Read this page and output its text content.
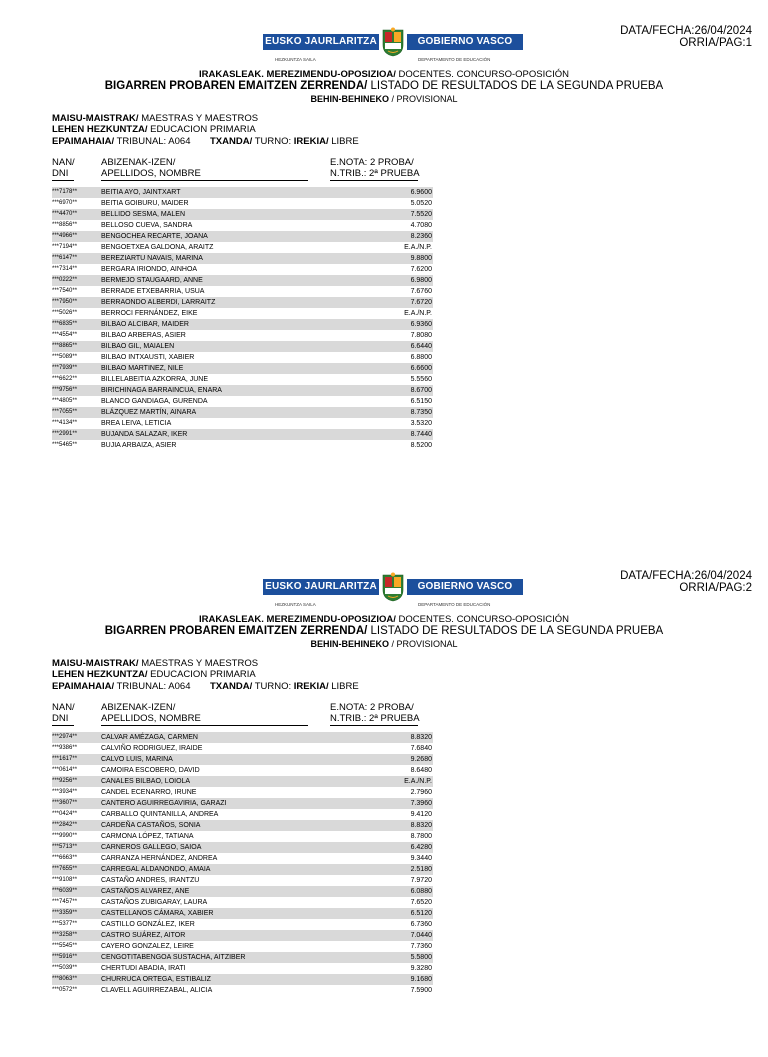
DATA/FECHA:26/04/2024
ORRIA/PAG:1
EUSKO JAURLARITZA	GOBIERNO VASCO
HEZKUNTZA SAILA	DEPARTAMENTO DE EDUCACIÓN
IRAKASLEAK. MEREZIMENDU-OPOSIZIOA/ DOCENTES. CONCURSO-OPOSICIÓN
BIGARREN PROBAREN EMAITZEN ZERRENDA/ LISTADO DE RESULTADOS DE LA SEGUNDA PRUEBA
BEHIN-BEHINEKO / PROVISIONAL
MAISU-MAISTRAK/ MAESTRAS Y MAESTROS
LEHEN HEZKUNTZA/ EDUCACION PRIMARIA
EPAIMAHAIA/ TRIBUNAL: A064 TXANDA/ TURNO: IREKIA/ LIBRE
NAN/
DNI
ABIZENAK-IZEN/
APELLIDOS, NOMBRE
E.NOTA: 2 PROBA/
N.TRIB.: 2ª PRUEBA
***7178**	BEITIA AYO, JAINTXART	6.9600
***6970**	BEITIA GOIBURU, MAIDER	5.0520
***4470**	BELLIDO SESMA, MALEN	7.5520
***8856**	BELLOSO CUEVA, SANDRA	4.7080
***4966**	BENGOCHEA RECARTE, JOANA	8.2360
***7194**	BENGOETXEA GALDONA, ARAITZ	E.A./N.P.
***6147**	BEREZIARTU NAVAIS, MARINA	9.8800
***7314**	BERGARA IRIONDO, AINHOA	7.6200
***0222**	BERMEJO STAUGAARD, ANNE	6.9800
***7540**	BERRADE ETXEBARRIA, USUA	7.6760
***7950**	BERRAONDO ALBERDI, LARRAITZ	7.6720
***5026**	BERROCI FERNÁNDEZ, EIKE	E.A./N.P.
***6835**	BILBAO ALCIBAR, MAIDER	6.9360
***4554**	BILBAO ARBERAS, ASIER	7.8080
***8865**	BILBAO GIL, MAIALEN	6.6440
***5089**	BILBAO INTXAUSTI, XABIER	6.8800
***7939**	BILBAO MARTINEZ, NILE	6.6600
***6622**	BILLELABEITIA AZKORRA, JUNE	5.5560
***9756**	BIRICHINAGA BARRAINCUA, ENARA	8.6700
***4805**	BLANCO GANDIAGA, GURENDA	6.5150
***7055**	BLÁZQUEZ MARTÍN, AINARA	8.7350
***4134**	BREA LEIVA, LETICIA	3.5320
***2991**	BUJANDA SALAZAR, IKER	8.7440
***5465**	BUJIA ARBAIZA, ASIER	8.5200
DATA/FECHA:26/04/2024
ORRIA/PAG:2
EUSKO JAURLARITZA	GOBIERNO VASCO
HEZKUNTZA SAILA	DEPARTAMENTO DE EDUCACIÓN
IRAKASLEAK. MEREZIMENDU-OPOSIZIOA/ DOCENTES. CONCURSO-OPOSICIÓN
BIGARREN PROBAREN EMAITZEN ZERRENDA/ LISTADO DE RESULTADOS DE LA SEGUNDA PRUEBA
BEHIN-BEHINEKO / PROVISIONAL
MAISU-MAISTRAK/ MAESTRAS Y MAESTROS
LEHEN HEZKUNTZA/ EDUCACION PRIMARIA
EPAIMAHAIA/ TRIBUNAL: A064 TXANDA/ TURNO: IREKIA/ LIBRE
NAN/
DNI
ABIZENAK-IZEN/
APELLIDOS, NOMBRE
E.NOTA: 2 PROBA/
N.TRIB.: 2ª PRUEBA
***2974**	CALVAR AMÉZAGA, CARMEN	8.8320
***9386**	CALVIÑO RODRIGUEZ, IRAIDE	7.6840
***1617**	CALVO LUIS, MARINA	9.2680
***0614**	CAMOIRA ESCOBERO, DAVID	8.6480
***9256**	CANALES BILBAO, LOIOLA	E.A./N.P.
***3934**	CANDEL ECENARRO, IRUNE	2.7960
***3607**	CANTERO AGUIRREGAVIRIA, GARAZI	7.3960
***0424**	CARBALLO QUINTANILLA, ANDREA	9.4120
***2842**	CARDEÑA CASTAÑOS, SONIA	8.8320
***9990**	CARMONA LÓPEZ, TATIANA	8.7800
***5713**	CARNEROS GALLEGO, SAIOA	6.4280
***6663**	CARRANZA HERNÁNDEZ, ANDREA	9.3440
***7655**	CARREGAL ALDANONDO, AMAIA	2.5180
***9108**	CASTAÑO ANDRES, IRANTZU	7.9720
***6039**	CASTAÑOS ALVAREZ, ANE	6.0880
***7457**	CASTAÑOS ZUBIGARAY, LAURA	7.6520
***3359**	CASTELLANOS CÁMARA, XABIER	6.5120
***5377**	CASTILLO GONZÁLEZ, IKER	6.7360
***3258**	CASTRO SUÁREZ, AITOR	7.0440
***5545**	CAYERO GONZALEZ, LEIRE	7.7360
***5916**	CENGOTITABENGOA SUSTACHA, AITZIBER	5.5800
***5039**	CHERTUDI ABADIA, IRATI	9.3280
***8063**	CHURRUCA ORTEGA, ESTIBALIZ	9.1680
***0572**	CLAVELL AGUIRREZABAL, ALICIA	7.5900
